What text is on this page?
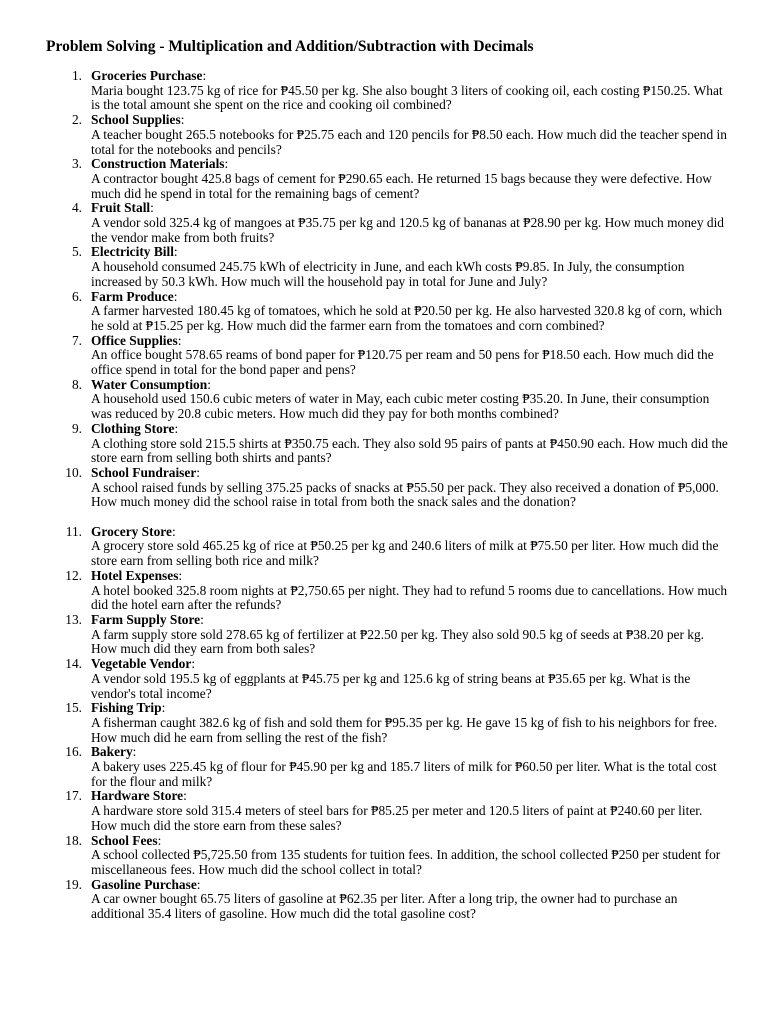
Problem Solving - Multiplication and Addition/Subtraction with Decimals
1. Groceries Purchase:
Maria bought 123.75 kg of rice for ₱45.50 per kg. She also bought 3 liters of cooking oil, each costing ₱150.25. What is the total amount she spent on the rice and cooking oil combined?
2. School Supplies:
A teacher bought 265.5 notebooks for ₱25.75 each and 120 pencils for ₱8.50 each. How much did the teacher spend in total for the notebooks and pencils?
3. Construction Materials:
A contractor bought 425.8 bags of cement for ₱290.65 each. He returned 15 bags because they were defective. How much did he spend in total for the remaining bags of cement?
4. Fruit Stall:
A vendor sold 325.4 kg of mangoes at ₱35.75 per kg and 120.5 kg of bananas at ₱28.90 per kg. How much money did the vendor make from both fruits?
5. Electricity Bill:
A household consumed 245.75 kWh of electricity in June, and each kWh costs ₱9.85. In July, the consumption increased by 50.3 kWh. How much will the household pay in total for June and July?
6. Farm Produce:
A farmer harvested 180.45 kg of tomatoes, which he sold at ₱20.50 per kg. He also harvested 320.8 kg of corn, which he sold at ₱15.25 per kg. How much did the farmer earn from the tomatoes and corn combined?
7. Office Supplies:
An office bought 578.65 reams of bond paper for ₱120.75 per ream and 50 pens for ₱18.50 each. How much did the office spend in total for the bond paper and pens?
8. Water Consumption:
A household used 150.6 cubic meters of water in May, each cubic meter costing ₱35.20. In June, their consumption was reduced by 20.8 cubic meters. How much did they pay for both months combined?
9. Clothing Store:
A clothing store sold 215.5 shirts at ₱350.75 each. They also sold 95 pairs of pants at ₱450.90 each. How much did the store earn from selling both shirts and pants?
10. School Fundraiser:
A school raised funds by selling 375.25 packs of snacks at ₱55.50 per pack. They also received a donation of ₱5,000. How much money did the school raise in total from both the snack sales and the donation?
11. Grocery Store:
A grocery store sold 465.25 kg of rice at ₱50.25 per kg and 240.6 liters of milk at ₱75.50 per liter. How much did the store earn from selling both rice and milk?
12. Hotel Expenses:
A hotel booked 325.8 room nights at ₱2,750.65 per night. They had to refund 5 rooms due to cancellations. How much did the hotel earn after the refunds?
13. Farm Supply Store:
A farm supply store sold 278.65 kg of fertilizer at ₱22.50 per kg. They also sold 90.5 kg of seeds at ₱38.20 per kg. How much did they earn from both sales?
14. Vegetable Vendor:
A vendor sold 195.5 kg of eggplants at ₱45.75 per kg and 125.6 kg of string beans at ₱35.65 per kg. What is the vendor's total income?
15. Fishing Trip:
A fisherman caught 382.6 kg of fish and sold them for ₱95.35 per kg. He gave 15 kg of fish to his neighbors for free. How much did he earn from selling the rest of the fish?
16. Bakery:
A bakery uses 225.45 kg of flour for ₱45.90 per kg and 185.7 liters of milk for ₱60.50 per liter. What is the total cost for the flour and milk?
17. Hardware Store:
A hardware store sold 315.4 meters of steel bars for ₱85.25 per meter and 120.5 liters of paint at ₱240.60 per liter. How much did the store earn from these sales?
18. School Fees:
A school collected ₱5,725.50 from 135 students for tuition fees. In addition, the school collected ₱250 per student for miscellaneous fees. How much did the school collect in total?
19. Gasoline Purchase:
A car owner bought 65.75 liters of gasoline at ₱62.35 per liter. After a long trip, the owner had to purchase an additional 35.4 liters of gasoline. How much did the total gasoline cost?
